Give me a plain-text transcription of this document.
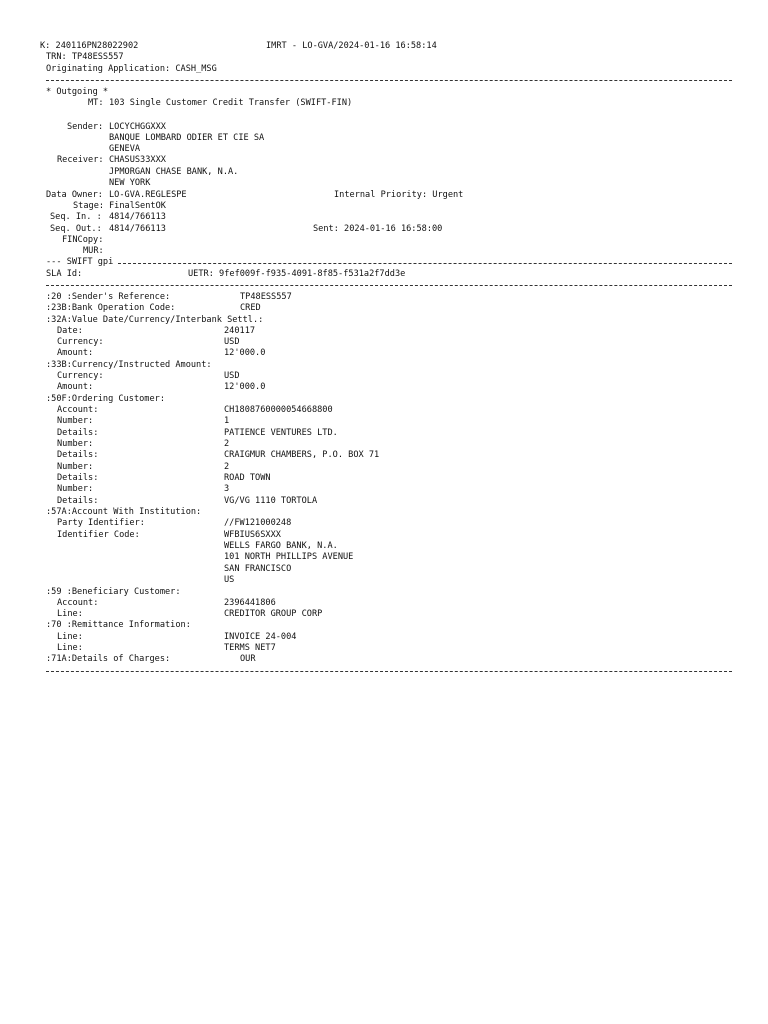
K: 240116PN28022902	IMRT - LO-GVA/2024-01-16 16:58:14
TRN: TP48ESS557
Originating Application: CASH_MSG
* Outgoing *
MT: 103 Single Customer Credit Transfer (SWIFT-FIN)
Sender: LOCYCHGGXXX
BANQUE LOMBARD ODIER ET CIE SA
GENEVA
Receiver: CHASUS33XXX
JPMORGAN CHASE BANK, N.A.
NEW YORK
Data Owner: LO-GVA.REGLESPE	Internal Priority: Urgent
Stage: FinalSentOK
Seq. In. : 4814/766113
Seq. Out.: 4814/766113	Sent: 2024-01-16 16:58:00
FINCopy:
MUR:
--- SWIFT gpi
SLA Id:	UETR: 9fef009f-f935-4091-8f85-f531a2f7dd3e
:20 :Sender's Reference:	TP48ESS557
:23B:Bank Operation Code:	CRED
:32A:Value Date/Currency/Interbank Settl.:
Date:	240117
Currency:	USD
Amount:	12'000.0
:33B:Currency/Instructed Amount:
Currency:	USD
Amount:	12'000.0
:50F:Ordering Customer:
Account:	CH1808760000054668800
Number:	1
Details:	PATIENCE VENTURES LTD.
Number:	2
Details:	CRAIGMUR CHAMBERS, P.O. BOX 71
Number:	2
Details:	ROAD TOWN
Number:	3
Details:	VG/VG 1110 TORTOLA
:57A:Account With Institution:
Party Identifier:	//FW121000248
Identifier Code:	WFBIUS6SXXX
WELLS FARGO BANK, N.A.
101 NORTH PHILLIPS AVENUE
SAN FRANCISCO
US
:59 :Beneficiary Customer:
Account:	2396441806
Line:	CREDITOR GROUP CORP
:70 :Remittance Information:
Line:	INVOICE 24-004
Line:	TERMS NET7
:71A:Details of Charges:	OUR
